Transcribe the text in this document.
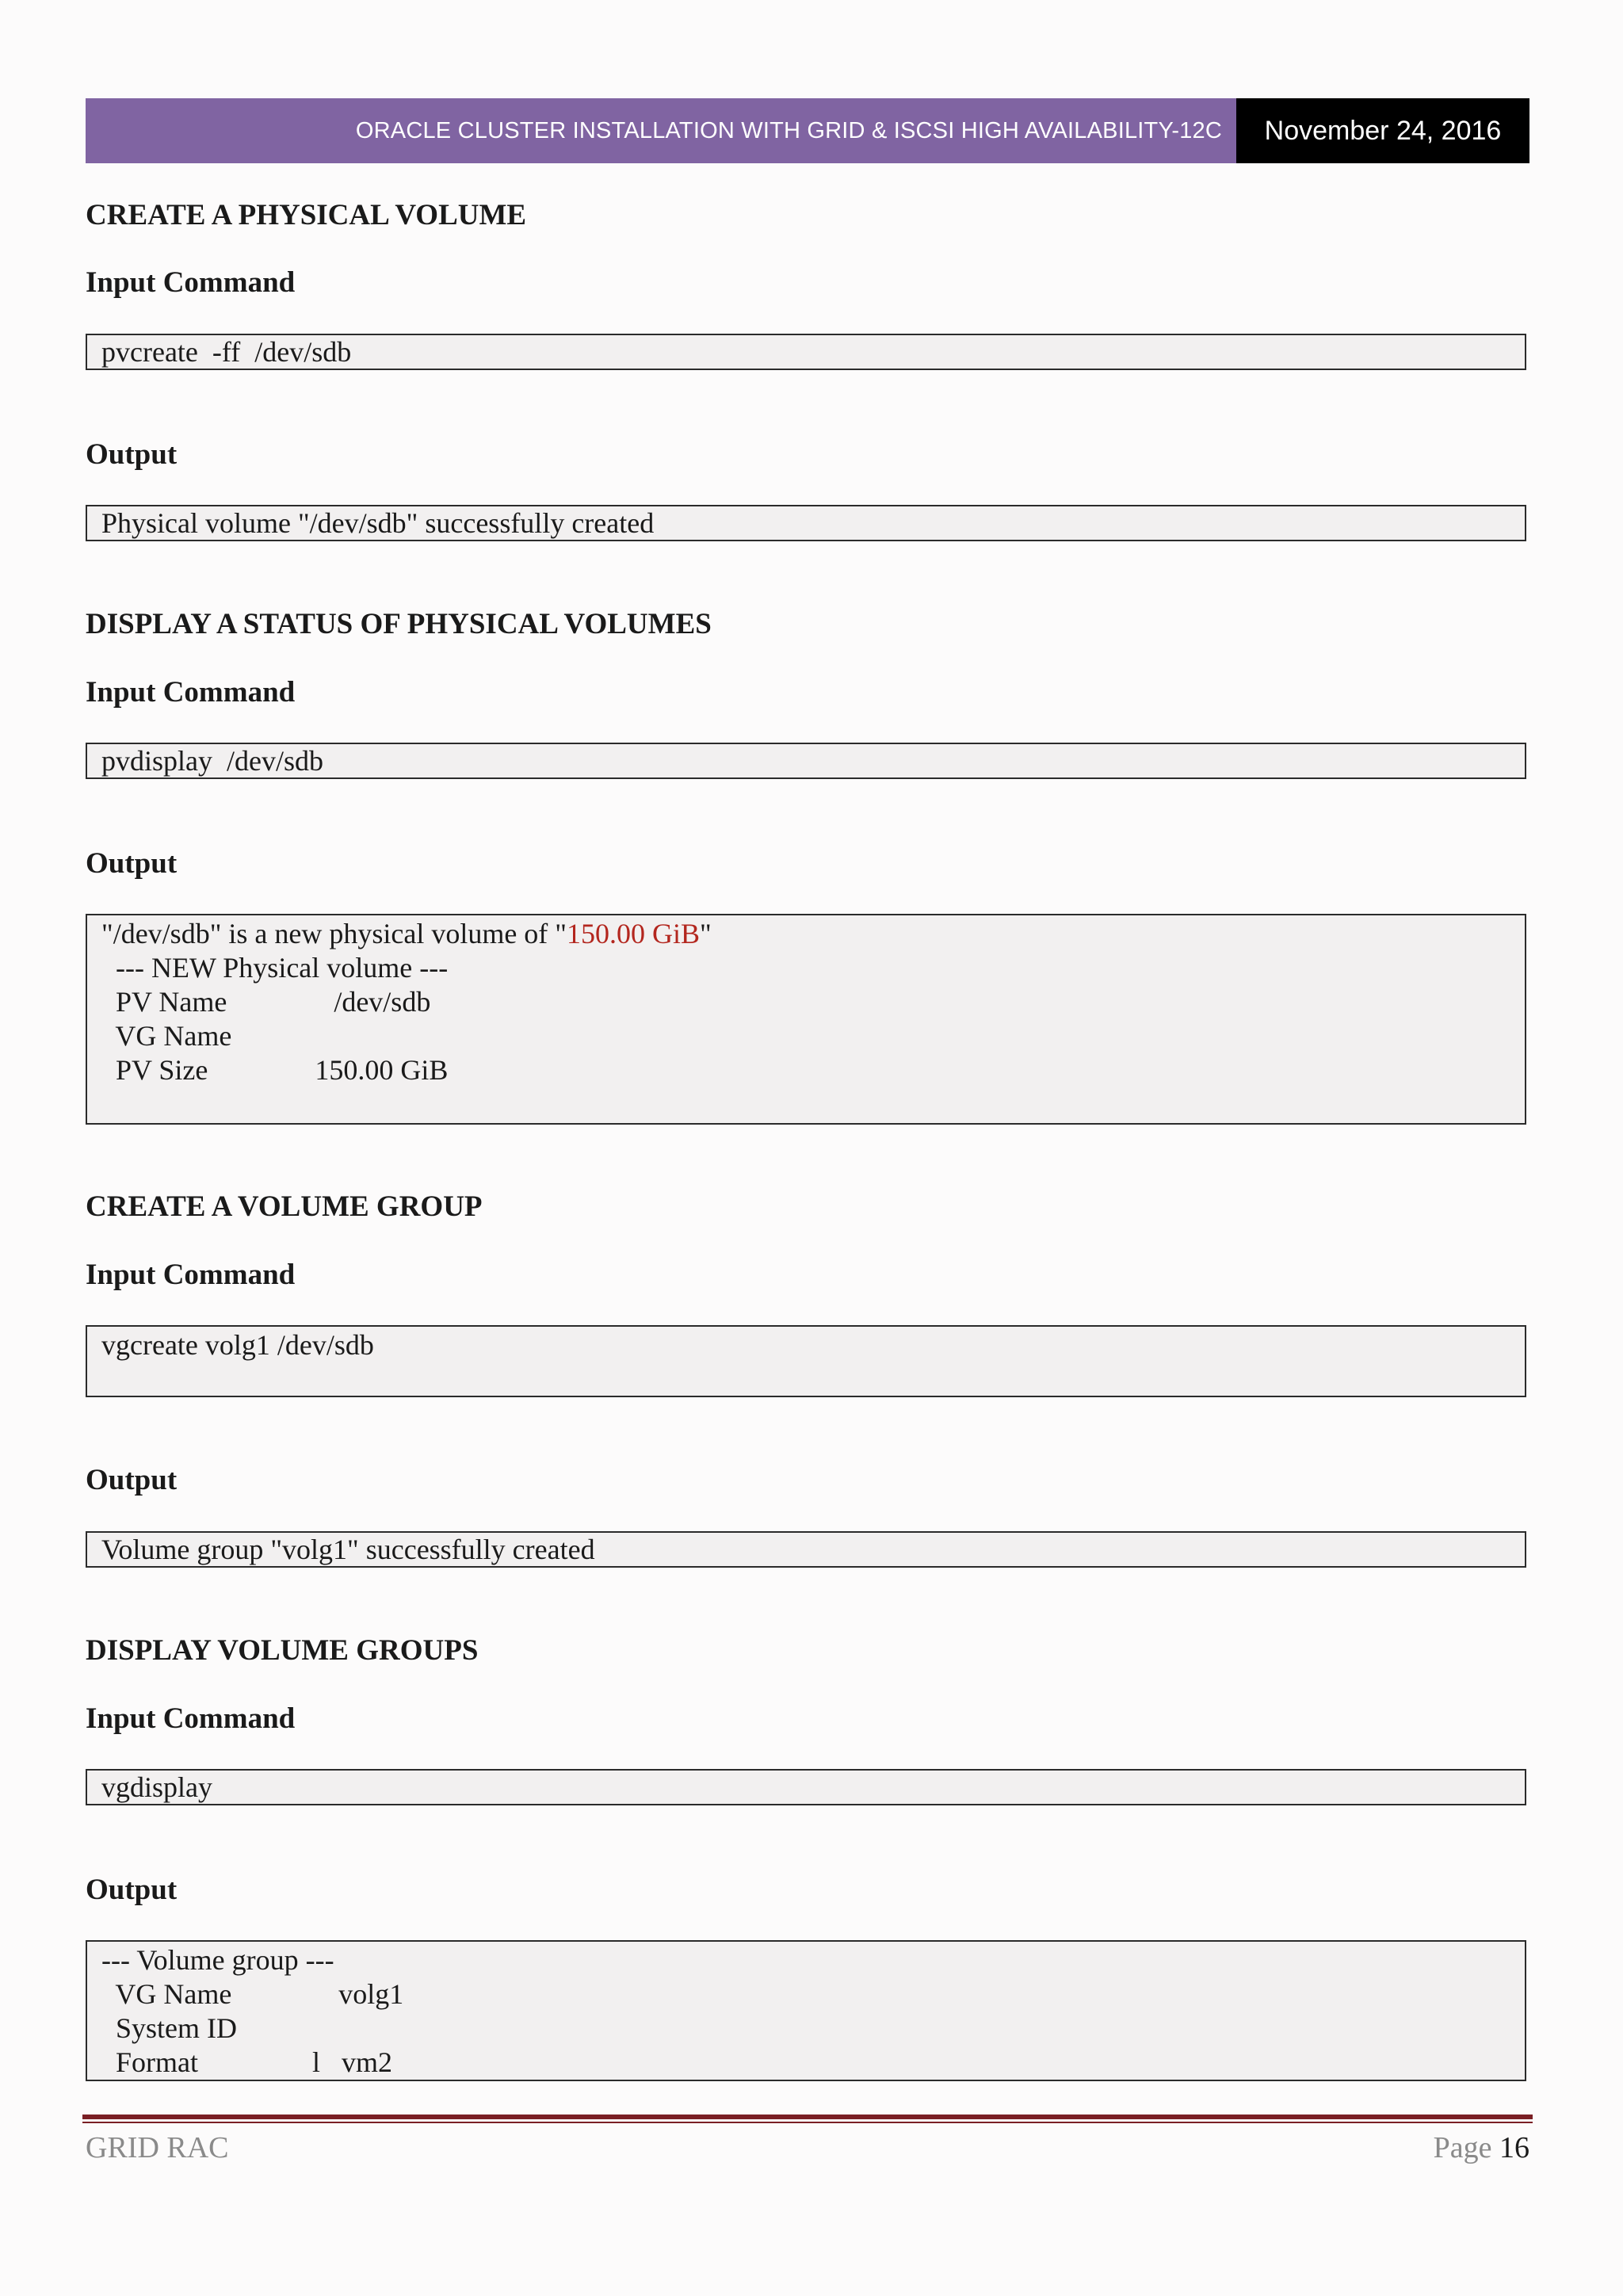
ORACLE CLUSTER INSTALLATION WITH GRID & ISCSI HIGH AVAILABILITY-12C	November 24, 2016
CREATE A PHYSICAL VOLUME
Input Command
pvcreate  -ff  /dev/sdb
Output
Physical volume "/dev/sdb" successfully created
DISPLAY A STATUS OF PHYSICAL VOLUMES
Input Command
pvdisplay  /dev/sdb
Output
"/dev/sdb" is a new physical volume of "150.00 GiB"
--- NEW Physical volume ---
PV Name               /dev/sdb
VG Name
PV Size               150.00 GiB
CREATE A VOLUME GROUP
Input Command
vgcreate volg1 /dev/sdb
Output
Volume group "volg1" successfully created
DISPLAY VOLUME GROUPS
Input Command
vgdisplay
Output
--- Volume group ---
VG Name               volg1
System ID
Format                l   vm2
GRID RAC	Page 16
